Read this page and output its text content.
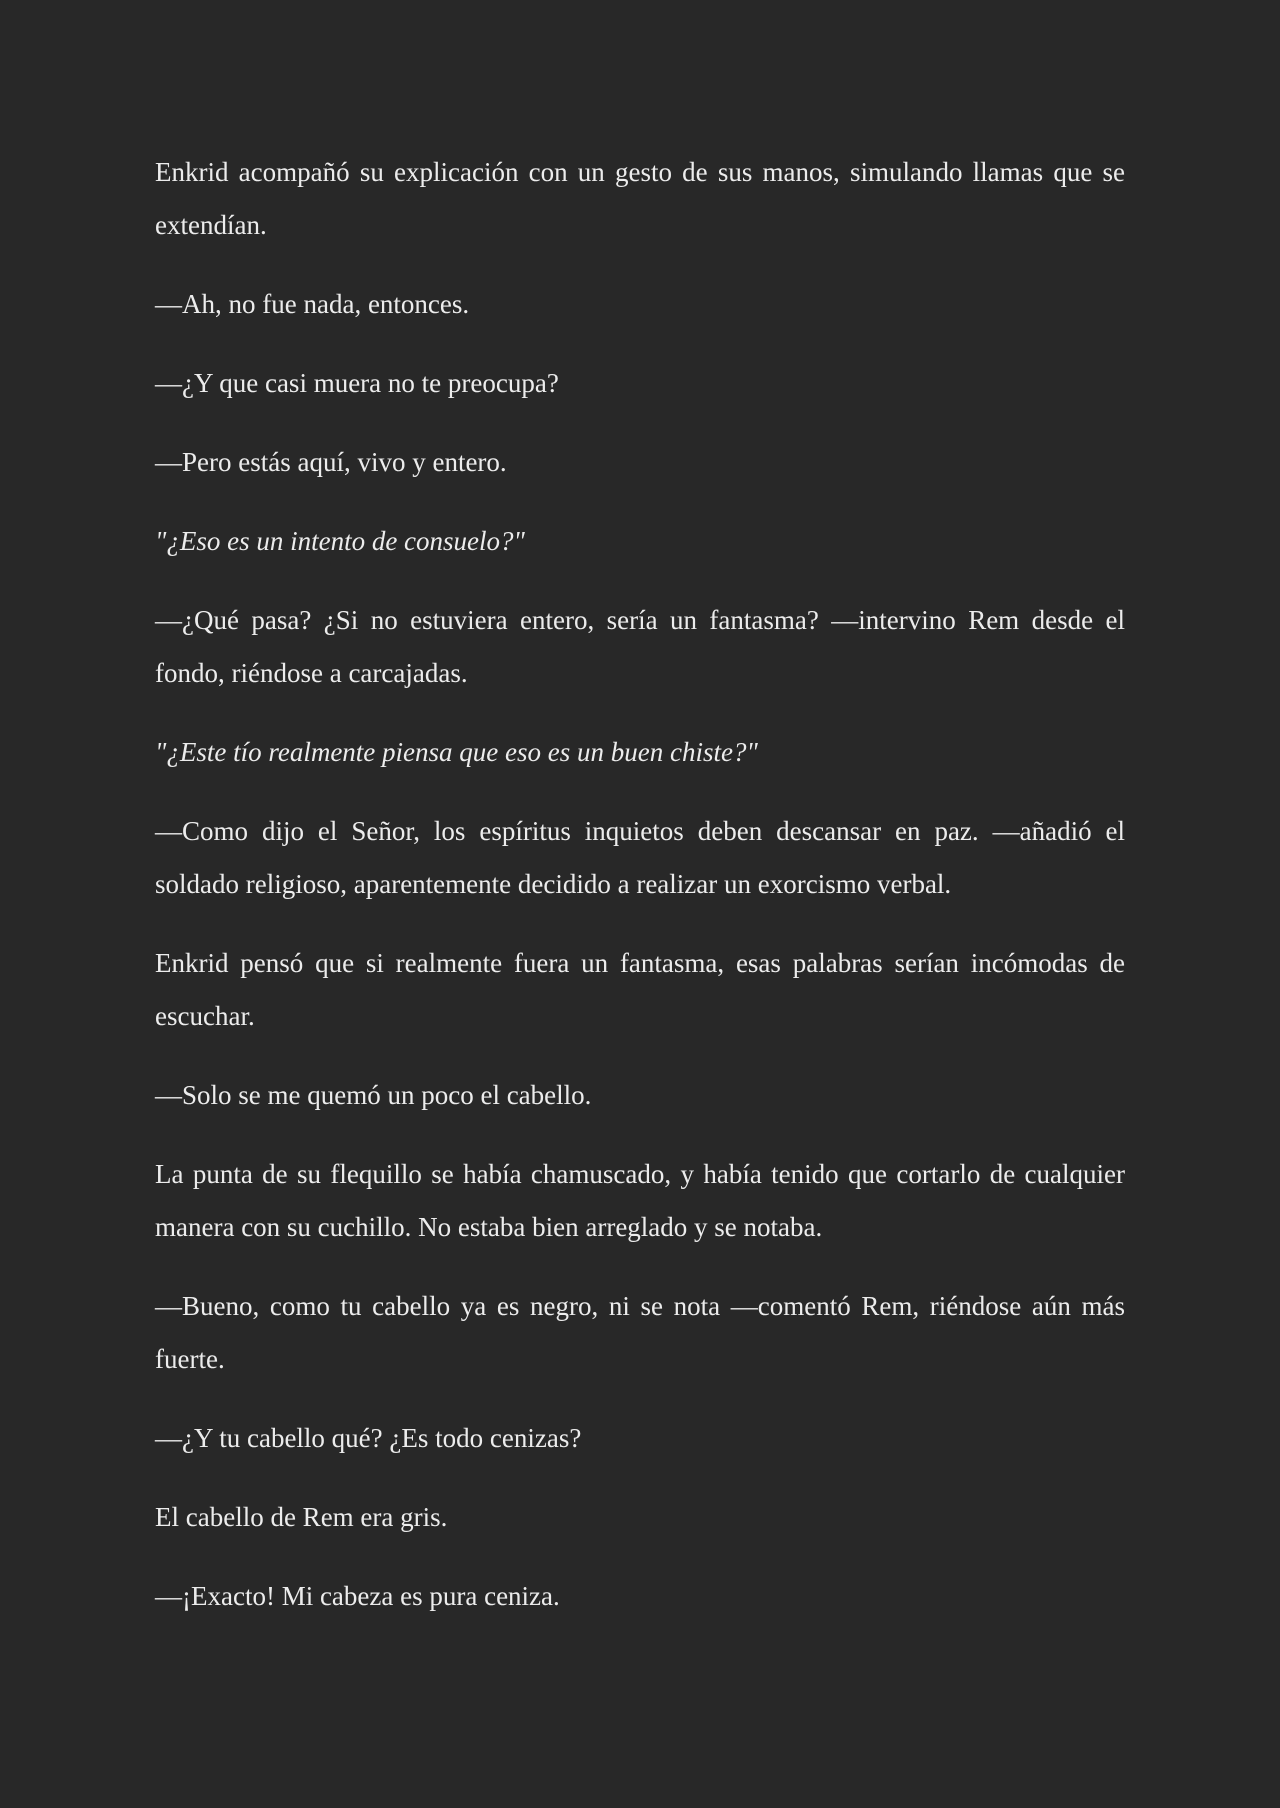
Enkrid acompañó su explicación con un gesto de sus manos, simulando llamas que se extendían.

—Ah, no fue nada, entonces.

—¿Y que casi muera no te preocupa?

—Pero estás aquí, vivo y entero.

"¿Eso es un intento de consuelo?"

—¿Qué pasa? ¿Si no estuviera entero, sería un fantasma? —intervino Rem desde el fondo, riéndose a carcajadas.

"¿Este tío realmente piensa que eso es un buen chiste?"

—Como dijo el Señor, los espíritus inquietos deben descansar en paz. —añadió el soldado religioso, aparentemente decidido a realizar un exorcismo verbal.

Enkrid pensó que si realmente fuera un fantasma, esas palabras serían incómodas de escuchar.

—Solo se me quemó un poco el cabello.

La punta de su flequillo se había chamuscado, y había tenido que cortarlo de cualquier manera con su cuchillo. No estaba bien arreglado y se notaba.

—Bueno, como tu cabello ya es negro, ni se nota —comentó Rem, riéndose aún más fuerte.

—¿Y tu cabello qué? ¿Es todo cenizas?

El cabello de Rem era gris.

—¡Exacto! Mi cabeza es pura ceniza.
